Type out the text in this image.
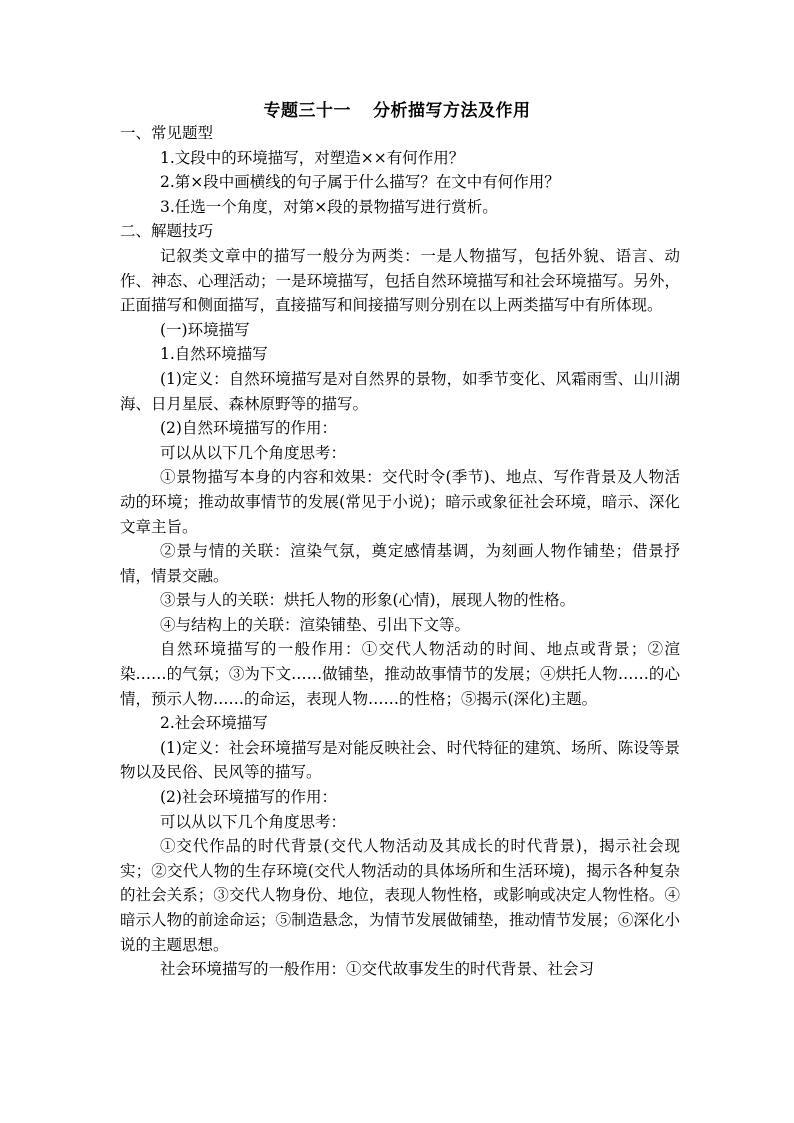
专题三十一 分析描写方法及作用

一、常见题型

1.文段中的环境描写，对塑造××有何作用？

2.第×段中画横线的句子属于什么描写？在文中有何作用？

3.任选一个角度，对第×段的景物描写进行赏析。

二、解题技巧

记叙类文章中的描写一般分为两类：一是人物描写，包括外貌、语言、动作、神态、心理活动；一是环境描写，包括自然环境描写和社会环境描写。另外，正面描写和侧面描写，直接描写和间接描写则分别在以上两类描写中有所体现。

(一)环境描写

1.自然环境描写

(1)定义：自然环境描写是对自然界的景物，如季节变化、风霜雨雪、山川湖海、日月星辰、森林原野等的描写。

(2)自然环境描写的作用：

可以从以下几个角度思考：

①景物描写本身的内容和效果：交代时令(季节)、地点、写作背景及人物活动的环境；推动故事情节的发展(常见于小说)；暗示或象征社会环境，暗示、深化文章主旨。

②景与情的关联：渲染气氛，奠定感情基调，为刻画人物作铺垫；借景抒情，情景交融。

③景与人的关联：烘托人物的形象(心情)，展现人物的性格。

④与结构上的关联：渲染铺垫、引出下文等。

自然环境描写的一般作用：①交代人物活动的时间、地点或背景；②渲染……的气氛；③为下文……做铺垫，推动故事情节的发展；④烘托人物……的心情，预示人物……的命运，表现人物……的性格；⑤揭示(深化)主题。

2.社会环境描写

(1)定义：社会环境描写是对能反映社会、时代特征的建筑、场所、陈设等景物以及民俗、民风等的描写。

(2)社会环境描写的作用：

可以从以下几个角度思考：

①交代作品的时代背景(交代人物活动及其成长的时代背景)，揭示社会现实；②交代人物的生存环境(交代人物活动的具体场所和生活环境)，揭示各种复杂的社会关系；③交代人物身份、地位，表现人物性格，或影响或决定人物性格。④暗示人物的前途命运；⑤制造悬念，为情节发展做铺垫，推动情节发展；⑥深化小说的主题思想。

社会环境描写的一般作用：①交代故事发生的时代背景、社会习
